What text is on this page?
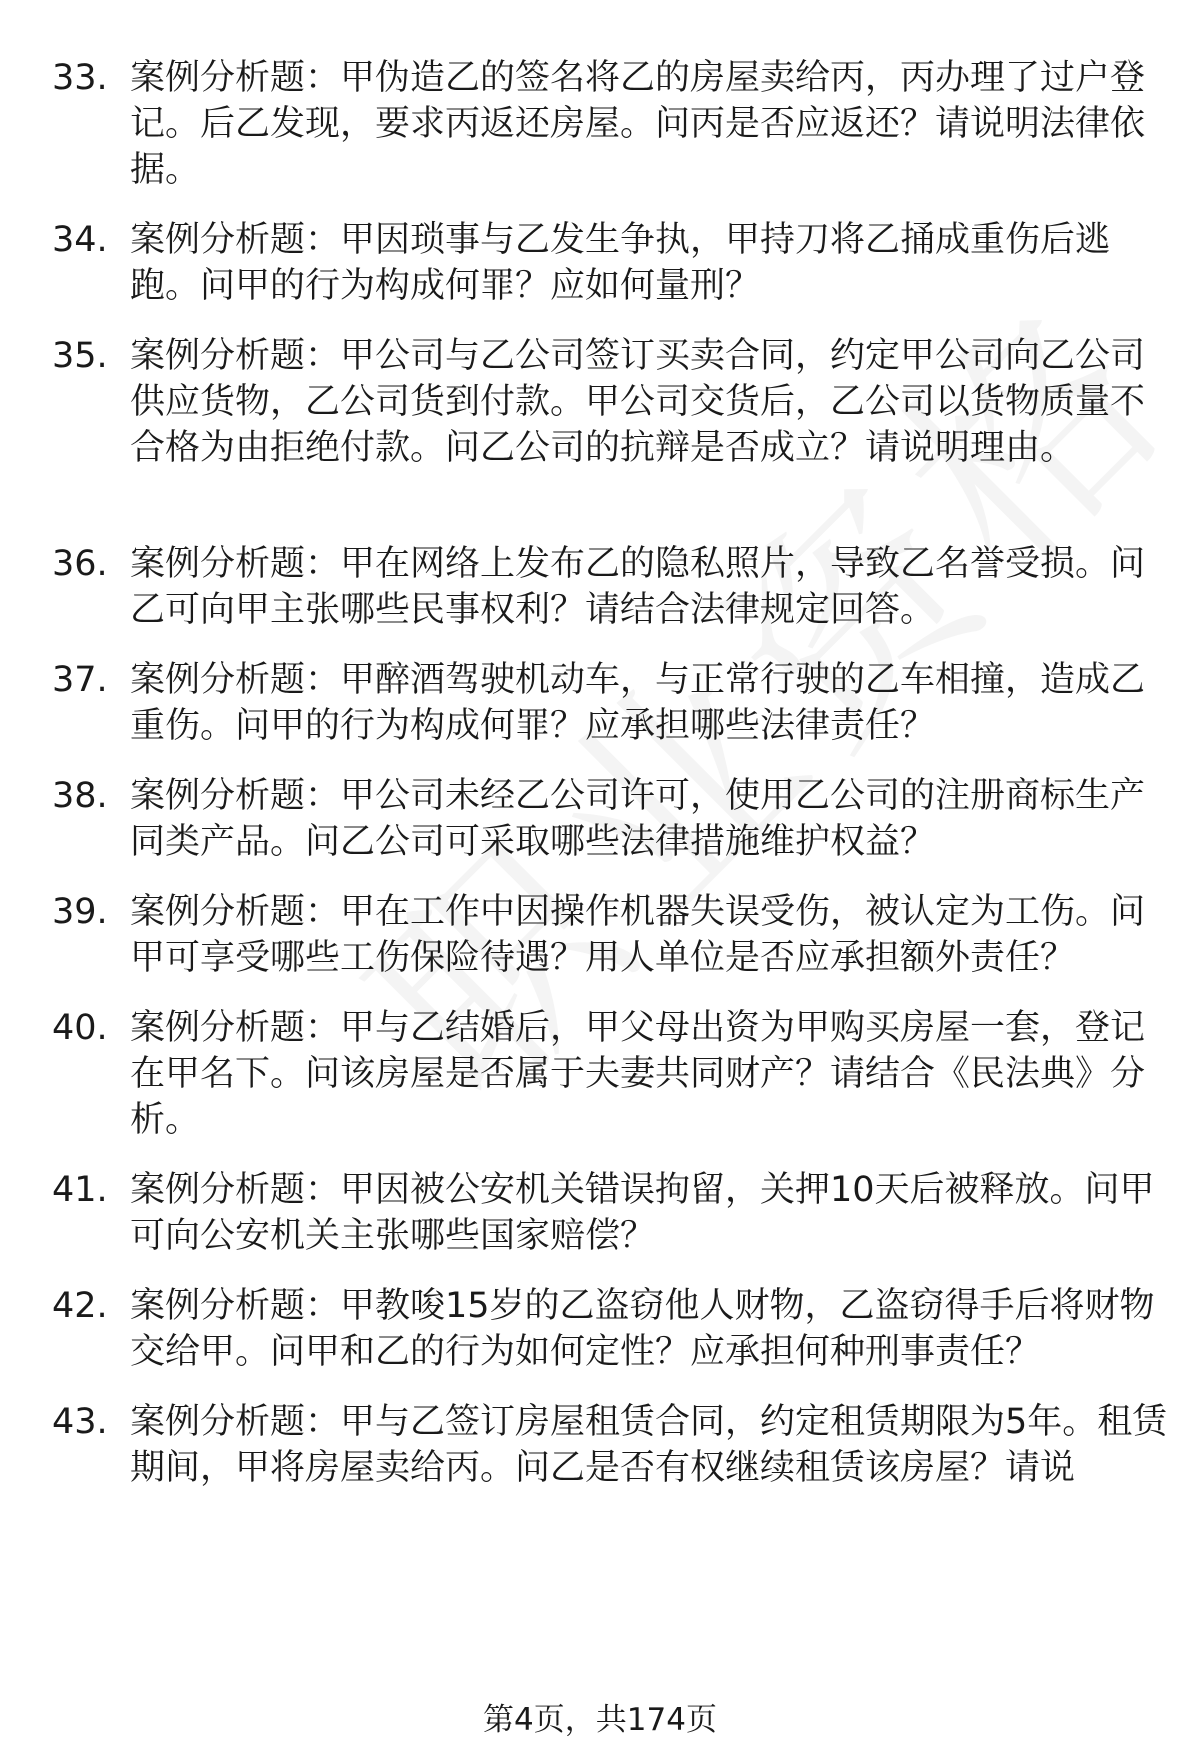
33. 案例分析题：甲伪造乙的签名将乙的房屋卖给丙，丙办理了过户登记。后乙发现，要求丙返还房屋。问丙是否应返还？请说明法律依据。
34. 案例分析题：甲因琐事与乙发生争执，甲持刀将乙捅成重伤后逃跑。问甲的行为构成何罪？应如何量刑？
35. 案例分析题：甲公司与乙公司签订买卖合同，约定甲公司向乙公司供应货物，乙公司货到付款。甲公司交货后，乙公司以货物质量不合格为由拒绝付款。问乙公司的抗辩是否成立？请说明理由。
36. 案例分析题：甲在网络上发布乙的隐私照片，导致乙名誉受损。问乙可向甲主张哪些民事权利？请结合法律规定回答。
37. 案例分析题：甲醉酒驾驶机动车，与正常行驶的乙车相撞，造成乙重伤。问甲的行为构成何罪？应承担哪些法律责任？
38. 案例分析题：甲公司未经乙公司许可，使用乙公司的注册商标生产同类产品。问乙公司可采取哪些法律措施维护权益？
39. 案例分析题：甲在工作中因操作机器失误受伤，被认定为工伤。问甲可享受哪些工伤保险待遇？用人单位是否应承担额外责任？
40. 案例分析题：甲与乙结婚后，甲父母出资为甲购买房屋一套，登记在甲名下。问该房屋是否属于夫妻共同财产？请结合《民法典》分析。
41. 案例分析题：甲因被公安机关错误拘留，关押10天后被释放。问甲可向公安机关主张哪些国家赔偿？
42. 案例分析题：甲教唆15岁的乙盗窃他人财物，乙盗窃得手后将财物交给甲。问甲和乙的行为如何定性？应承担何种刑事责任？
43. 案例分析题：甲与乙签订房屋租赁合同，约定租赁期限为5年。租赁期间，甲将房屋卖给丙。问乙是否有权继续租赁该房屋？请说
第4页，共174页
